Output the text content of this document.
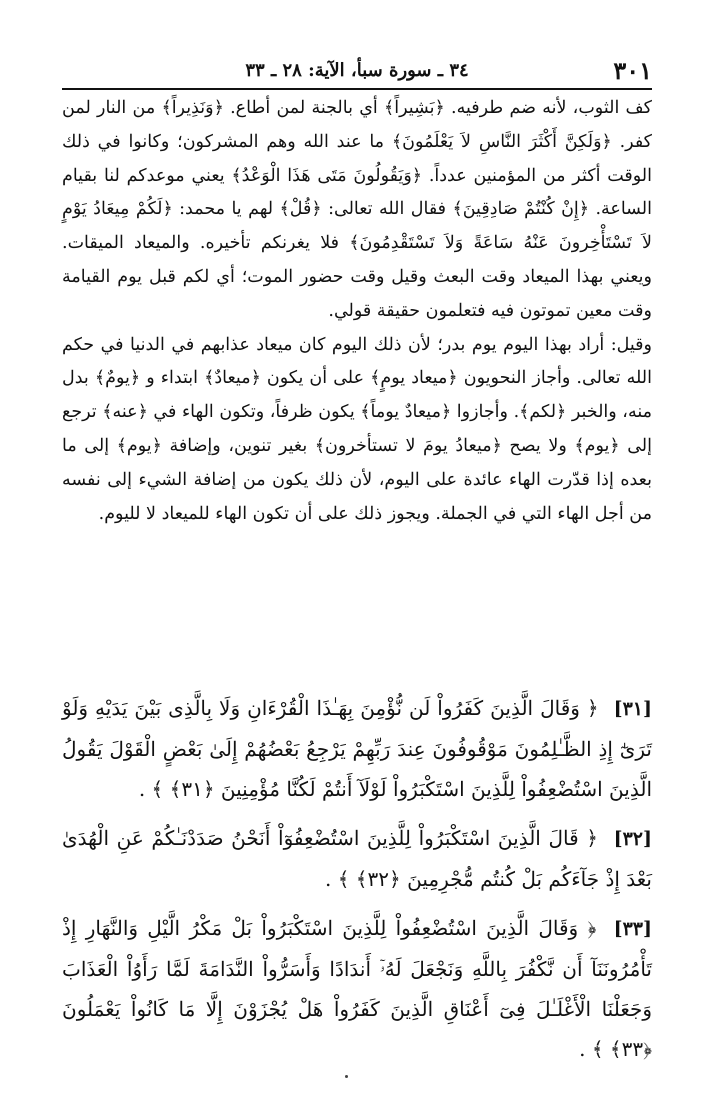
٣٠١
٣٤ ـ سورة سبأ، الآية: ٢٨ ـ ٣٣

كف الثوب، لأنه ضم طرفيه. ﴿بَشِيراً﴾ أي بالجنة لمن أطاع. ﴿وَنَذِيراً﴾ من النار لمن كفر. ﴿وَلَكِنَّ أَكْثَرَ النَّاسِ لاَ يَعْلَمُونَ﴾ ما عند الله وهم المشركون؛ وكانوا في ذلك الوقت أكثر من المؤمنين عدداً. ﴿وَيَقُولُونَ مَتَى هَذَا الْوَعْدُ﴾ يعني موعدكم لنا بقيام الساعة. ﴿إِنْ كُنْتُمْ صَادِقِينَ﴾ فقال الله تعالى: ﴿قُلْ﴾ لهم يا محمد: ﴿لَكُمْ مِيعَادُ يَوْمٍ لاَ تَسْتَأْخِرونَ عَنْهُ سَاعَةً وَلاَ تَسْتَقْدِمُونَ﴾ فلا يغرنكم تأخيره. والميعاد الميقات. ويعني بهذا الميعاد وقت البعث وقيل وقت حضور الموت؛ أي لكم قبل يوم القيامة وقت معين تموتون فيه فتعلمون حقيقة قولي.

وقيل: أراد بهذا اليوم يوم بدر؛ لأن ذلك اليوم كان ميعاد عذابهم في الدنيا في حكم الله تعالى. وأجاز النحويون ﴿ميعاد يومٍ﴾ على أن يكون ﴿ميعادٌ﴾ ابتداء و ﴿يومٌ﴾ بدل منه، والخبر ﴿لكم﴾. وأجازوا ﴿ميعادٌ يوماً﴾ يكون ظرفاً، وتكون الهاء في ﴿عنه﴾ ترجع إلى ﴿يوم﴾ ولا يصح ﴿ميعادُ يومَ لا تستأخرون﴾ بغير تنوين، وإضافة ﴿يوم﴾ إلى ما بعده إذا قدّرت الهاء عائدة على اليوم، لأن ذلك يكون من إضافة الشيء إلى نفسه من أجل الهاء التي في الجملة. ويجوز ذلك على أن تكون الهاء للميعاد لا لليوم.

[٣١] ﴿ وَقَالَ الَّذِينَ كَفَرُواْ لَن نُّؤْمِنَ بِهَـٰذَا الْقُرْءَانِ وَلَا بِالَّذِى بَيْنَ يَدَيْهِ وَلَوْ تَرَىٰٓ إِذِ الظَّـٰلِمُونَ مَوْقُوفُونَ عِندَ رَبِّهِمْ يَرْجِعُ بَعْضُهُمْ إِلَىٰ بَعْضٍ الْقَوْلَ يَقُولُ الَّذِينَ اسْتُضْعِفُواْ لِلَّذِينَ اسْتَكْبَرُواْ لَوْلَآ أَنتُمْ لَكُنَّا مُؤْمِنِينَ ﴿٣١﴾ ﴾ .
[٣٢] ﴿ قَالَ الَّذِينَ اسْتَكْبَرُواْ لِلَّذِينَ اسْتُضْعِفُوٓاْ أَنَحْنُ صَدَدْنَـٰكُمْ عَنِ الْهُدَىٰ بَعْدَ إِذْ جَآءَكُم بَلْ كُنتُم مُّجْرِمِينَ ﴿٣٢﴾ ﴾ .
[٣٣] ﴿ وَقَالَ الَّذِينَ اسْتُضْعِفُواْ لِلَّذِينَ اسْتَكْبَرُواْ بَلْ مَكْرُ الَّيْلِ وَالنَّهَارِ إِذْ تَأْمُرُونَنَآ أَن نَّكْفُرَ بِاللَّهِ وَنَجْعَلَ لَهُۥٓ أَندَادًا وَأَسَرُّواْ النَّدَامَةَ لَمَّا رَأَوُاْ الْعَذَابَ وَجَعَلْنَا الْأَغْلَـٰلَ فِىٓ أَعْنَاقِ الَّذِينَ كَفَرُواْ هَلْ يُجْزَوْنَ إِلَّا مَا كَانُواْ يَعْمَلُونَ ﴿٣٣﴾ ﴾ .
